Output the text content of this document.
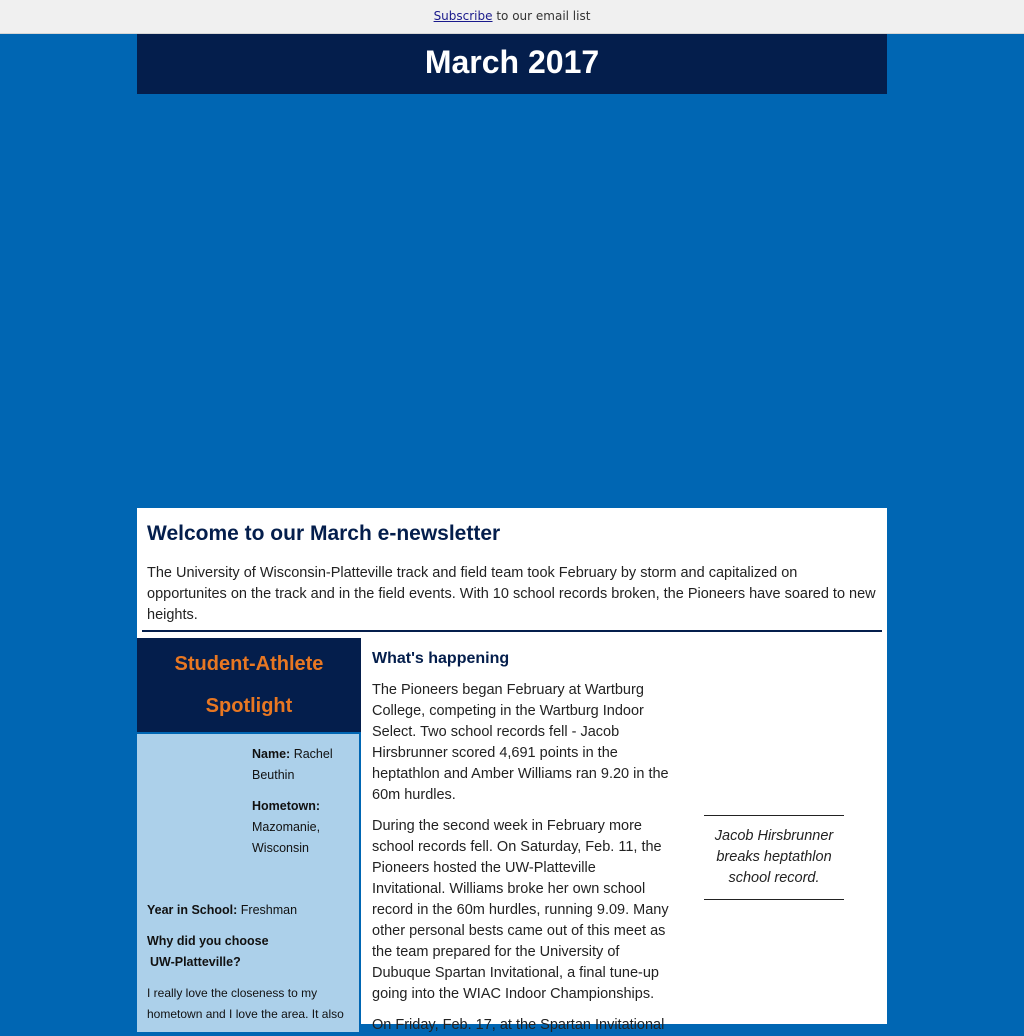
Subscribe to our email list
March 2017
Welcome to our March e-newsletter

The University of Wisconsin-Platteville track and field team took February by storm and capitalized on opportunites on the track and in the field events. With 10 school records broken, the Pioneers have soared to new heights.

Student-Athlete
Spotlight
Name: Rachel Beuthin
Hometown: Mazomanie, Wisconsin
Year in School: Freshman
Why did you choose
UW-Platteville?
I really love the closeness to my hometown and I love the area. It also
What's happening

The Pioneers began February at Wartburg College, competing in the Wartburg Indoor Select. Two school records fell - Jacob Hirsbrunner scored 4,691 points in the heptathlon and Amber Williams ran 9.20 in the 60m hurdles.

During the second week in February more school records fell. On Saturday, Feb. 11, the Pioneers hosted the UW-Platteville Invitational. Williams broke her own school record in the 60m hurdles, running 9.09. Many other personal bests came out of this meet as the team prepared for the University of Dubuque Spartan Invitational, a final tune-up going into the WIAC Indoor Championships.

On Friday, Feb. 17, at the Spartan Invitational

Jacob Hirsbrunner breaks heptathlon school record.
